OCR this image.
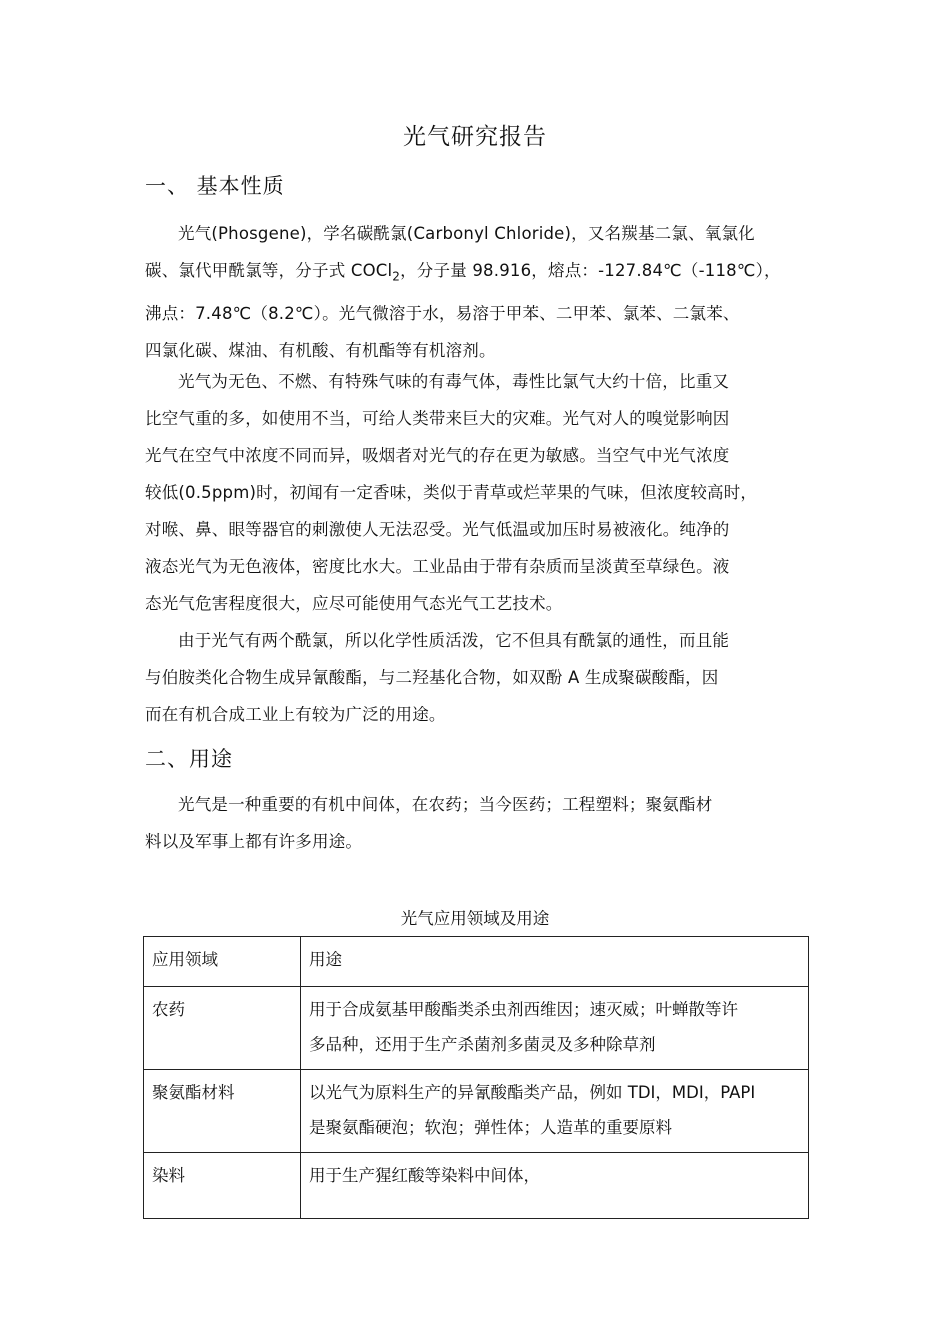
光气研究报告
一、 基本性质
光气(Phosgene)，学名碳酰氯(Carbonyl Chloride)，又名羰基二氯、氧氯化
碳、氯代甲酰氯等，分子式 COCl$_2$，分子量 98.916，熔点：-127.84℃（-118℃），
沸点：7.48℃（8.2℃）。光气微溶于水，易溶于甲苯、二甲苯、氯苯、二氯苯、
四氯化碳、煤油、有机酸、有机酯等有机溶剂。
光气为无色、不燃、有特殊气味的有毒气体，毒性比氯气大约十倍，比重又
比空气重的多，如使用不当，可给人类带来巨大的灾难。光气对人的嗅觉影响因
光气在空气中浓度不同而异，吸烟者对光气的存在更为敏感。当空气中光气浓度
较低(0.5ppm)时，初闻有一定香味，类似于青草或烂苹果的气味，但浓度较高时，
对喉、鼻、眼等器官的刺激使人无法忍受。光气低温或加压时易被液化。纯净的
液态光气为无色液体，密度比水大。工业品由于带有杂质而呈淡黄至草绿色。液
态光气危害程度很大，应尽可能使用气态光气工艺技术。
由于光气有两个酰氯，所以化学性质活泼，它不但具有酰氯的通性，而且能
与伯胺类化合物生成异氰酸酯，与二羟基化合物，如双酚 A 生成聚碳酸酯，因
而在有机合成工业上有较为广泛的用途。
二、用途
光气是一种重要的有机中间体，在农药；当今医药；工程塑料；聚氨酯材
料以及军事上都有许多用途。
光气应用领域及用途
应用领域	用途
农药	用于合成氨基甲酸酯类杀虫剂西维因；速灭威；叶蝉散等许
多品种，还用于生产杀菌剂多菌灵及多种除草剂

聚氨酯材料	以光气为原料生产的异氰酸酯类产品，例如 TDI，MDI，PAPI
是聚氨酯硬泡；软泡；弹性体；人造革的重要原料

染料	用于生产猩红酸等染料中间体，
